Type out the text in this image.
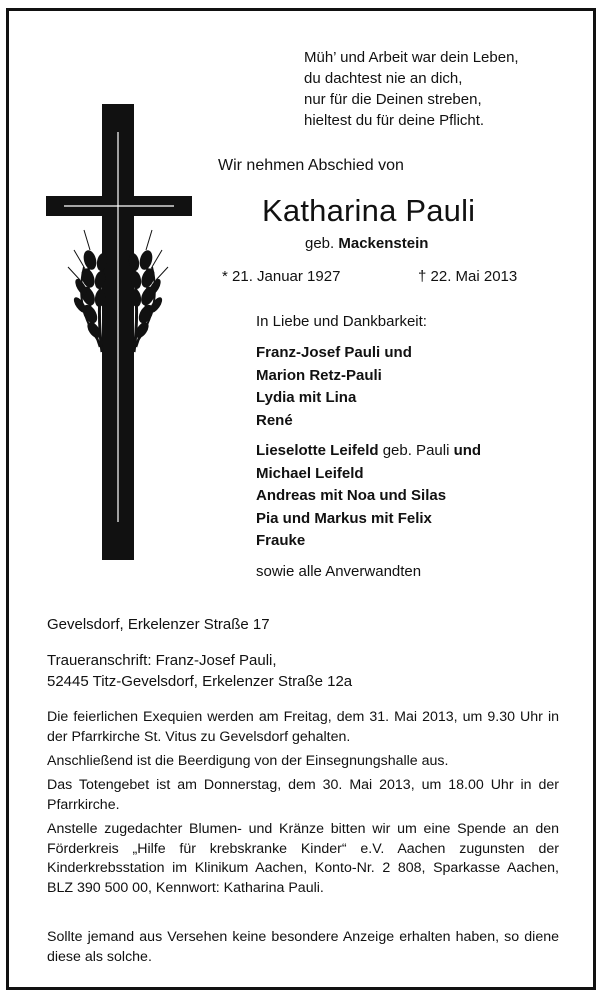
Müh’ und Arbeit war dein Leben,
du dachtest nie an dich,
nur für die Deinen streben,
hieltest du für deine Pflicht.
Wir nehmen Abschied von
Katharina Pauli
geb. Mackenstein
* 21. Januar 1927	† 22. Mai 2013
In Liebe und Dankbarkeit:
Franz-Josef Pauli und
Marion Retz-Pauli
Lydia mit Lina
René
Lieselotte Leifeld geb. Pauli und
Michael Leifeld
Andreas mit Noa und Silas
Pia und Markus mit Felix
Frauke
sowie alle Anverwandten
Gevelsdorf, Erkelenzer Straße 17
Traueranschrift: Franz-Josef Pauli,
52445 Titz-Gevelsdorf, Erkelenzer Straße 12a
Die feierlichen Exequien werden am Freitag, dem 31. Mai 2013, um 9.30 Uhr in der Pfarrkirche St. Vitus zu Gevelsdorf gehalten.
Anschließend ist die Beerdigung von der Einsegnungshalle aus.
Das Totengebet ist am Donnerstag, dem 30. Mai 2013, um 18.00 Uhr in der Pfarrkirche.
Anstelle zugedachter Blumen- und Kränze bitten wir um eine Spende an den Förderkreis „Hilfe für krebskranke Kinder“ e.V. Aachen zugunsten der Kinderkrebsstation im Klinikum Aachen, Konto-Nr. 2 808, Sparkasse Aachen, BLZ 390 500 00, Kennwort: Katharina Pauli.
Sollte jemand aus Versehen keine besondere Anzeige erhalten haben, so diene diese als solche.
